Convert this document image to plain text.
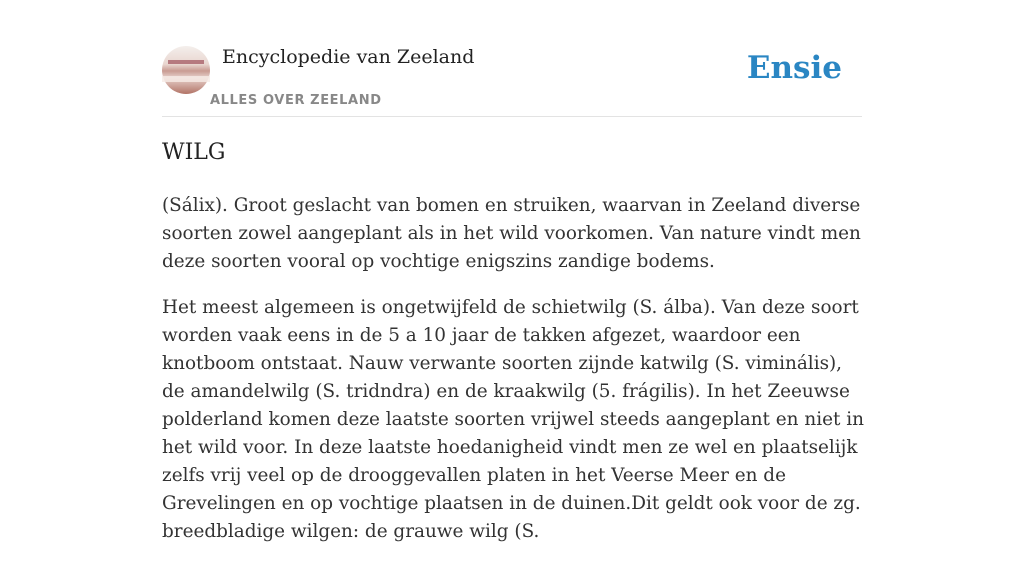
Encyclopedie van Zeeland
ALLES OVER ZEELAND
Ensie
WILG

(Sálix). Groot geslacht van bomen en struiken, waarvan in Zeeland diverse soorten zowel aangeplant als in het wild voorkomen. Van nature vindt men deze soorten vooral op vochtige enigszins zandige bodems.

Het meest algemeen is ongetwijfeld de schietwilg (S. álba). Van deze soort worden vaak eens in de 5 a 10 jaar de takken afgezet, waardoor een knotboom ontstaat. Nauw verwante soorten zijnde katwilg (S. viminális), de amandelwilg (S. tridndra) en de kraakwilg (5. frágilis). In het Zeeuwse polderland komen deze laatste soorten vrijwel steeds aangeplant en niet in het wild voor. In deze laatste hoedanigheid vindt men ze wel en plaatselijk zelfs vrij veel op de drooggevallen platen in het Veerse Meer en de Grevelingen en op vochtige plaatsen in de duinen.Dit geldt ook voor de zg. breedbladige wilgen: de grauwe wilg (S.
